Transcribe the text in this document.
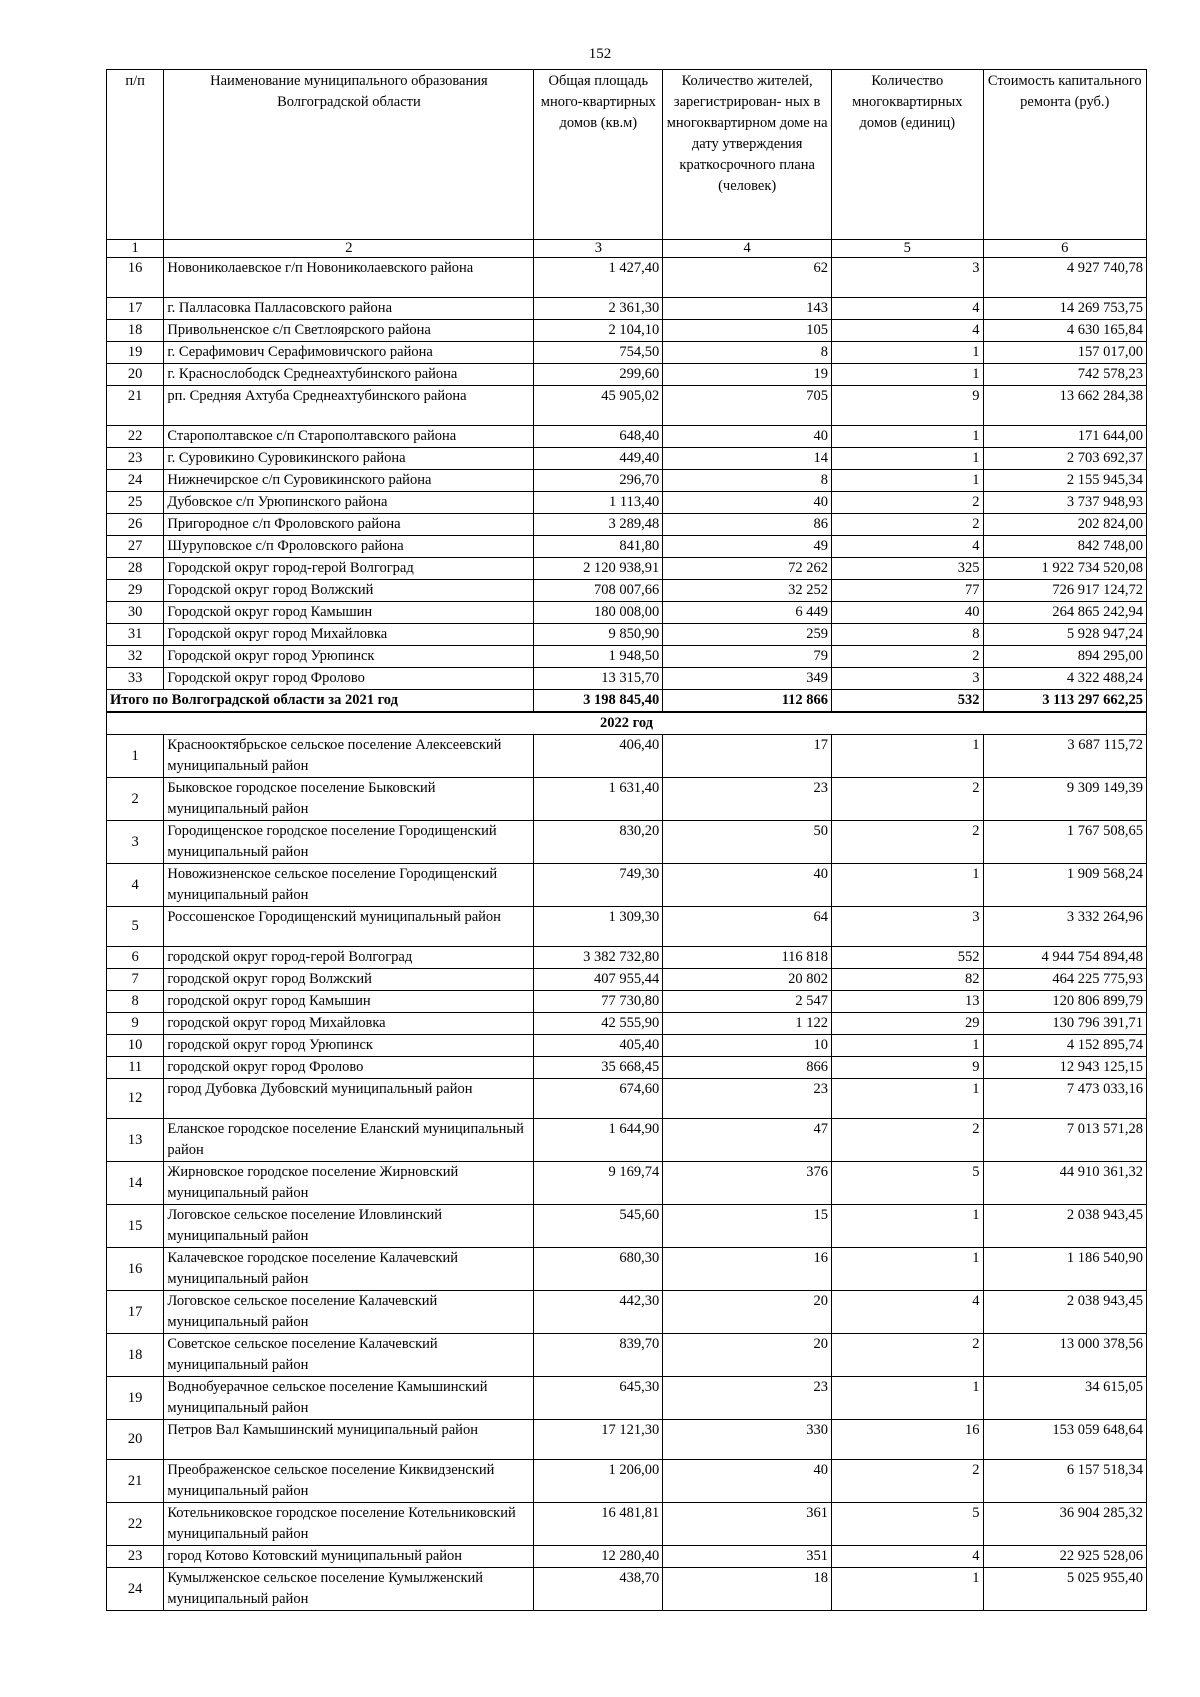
152
п/п	Наименование муниципального образования Волгоградской области	Общая площадь много-квартирных домов (кв.м)	Количество жителей, зарегистрирован- ных в многоквартирном доме на дату утверждения краткосрочного плана (человек)	Количество многоквартирных домов (единиц)	Стоимость капитального ремонта (руб.)
1	2	3	4	5	6
16	Новониколаевское г/п Новониколаевского района	1 427,40	62	3	4 927 740,78
17	г. Палласовка Палласовского района	2 361,30	143	4	14 269 753,75
18	Привольненское с/п Светлоярского района	2 104,10	105	4	4 630 165,84
19	г. Серафимович Серафимовичского района	754,50	8	1	157 017,00
20	г. Краснослободск Среднеахтубинского района	299,60	19	1	742 578,23
21	рп. Средняя Ахтуба Среднеахтубинского района	45 905,02	705	9	13 662 284,38
22	Старополтавское с/п Старополтавского района	648,40	40	1	171 644,00
23	г. Суровикино Суровикинского района	449,40	14	1	2 703 692,37
24	Нижнечирское с/п Суровикинского района	296,70	8	1	2 155 945,34
25	Дубовское с/п Урюпинского района	1 113,40	40	2	3 737 948,93
26	Пригородное с/п Фроловского района	3 289,48	86	2	202 824,00
27	Шуруповское с/п Фроловского района	841,80	49	4	842 748,00
28	Городской округ город-герой Волгоград	2 120 938,91	72 262	325	1 922 734 520,08
29	Городской округ город Волжский	708 007,66	32 252	77	726 917 124,72
30	Городской округ город Камышин	180 008,00	6 449	40	264 865 242,94
31	Городской округ город Михайловка	9 850,90	259	8	5 928 947,24
32	Городской округ город Урюпинск	1 948,50	79	2	894 295,00
33	Городской округ город Фролово	13 315,70	349	3	4 322 488,24
Итого по Волгоградской области за 2021 год		3 198 845,40	112 866	532	3 113 297 662,25
2022 год					
1	Краснооктябрьское сельское поселение Алексеевский муниципальный район	406,40	17	1	3 687 115,72
2	Быковское городское поселение Быковский муниципальный район	1 631,40	23	2	9 309 149,39
3	Городищенское городское поселение Городищенский муниципальный район	830,20	50	2	1 767 508,65
4	Новожизненское сельское поселение Городищенский муниципальный район	749,30	40	1	1 909 568,24
5	Россошенское Городищенский муниципальный район	1 309,30	64	3	3 332 264,96
6	городской округ город-герой Волгоград	3 382 732,80	116 818	552	4 944 754 894,48
7	городской округ город Волжский	407 955,44	20 802	82	464 225 775,93
8	городской округ город Камышин	77 730,80	2 547	13	120 806 899,79
9	городской округ город Михайловка	42 555,90	1 122	29	130 796 391,71
10	городской округ город Урюпинск	405,40	10	1	4 152 895,74
11	городской округ город Фролово	35 668,45	866	9	12 943 125,15
12	город Дубовка Дубовский муниципальный район	674,60	23	1	7 473 033,16
13	Еланское городское поселение Еланский муниципальный район	1 644,90	47	2	7 013 571,28
14	Жирновское городское поселение Жирновский муниципальный район	9 169,74	376	5	44 910 361,32
15	Логовское сельское поселение Иловлинский муниципальный район	545,60	15	1	2 038 943,45
16	Калачевское городское поселение Калачевский муниципальный район	680,30	16	1	1 186 540,90
17	Логовское сельское поселение Калачевский муниципальный район	442,30	20	4	2 038 943,45
18	Советское сельское поселение Калачевский муниципальный район	839,70	20	2	13 000 378,56
19	Воднобуерачное сельское поселение Камышинский муниципальный район	645,30	23	1	34 615,05
20	Петров Вал Камышинский муниципальный район	17 121,30	330	16	153 059 648,64
21	Преображенское сельское поселение Киквидзенский муниципальный район	1 206,00	40	2	6 157 518,34
22	Котельниковское городское поселение Котельниковский муниципальный район	16 481,81	361	5	36 904 285,32
23	город Котово Котовский муниципальный район	12 280,40	351	4	22 925 528,06
24	Кумылженское сельское поселение Кумылженский муниципальный район	438,70	18	1	5 025 955,40
